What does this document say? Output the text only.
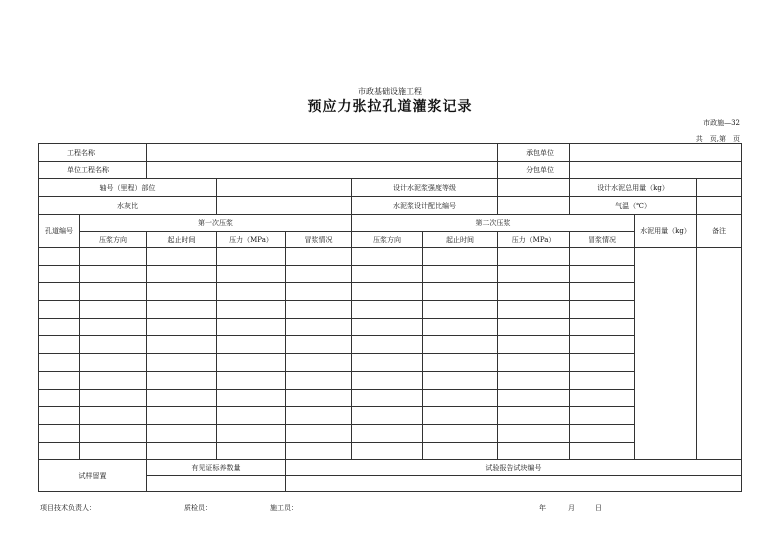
市政基础设施工程
预应力张拉孔道灌浆记录
市政施—32
共　页,第　页
工程名称							承包单位			
单位工程名称							分包单位			
轴号（里程）部位					设计水泥浆强度等级			设计水泥总用量（kg）		
水灰比					水泥浆设计配比编号			气温（℃）		
孔道编号	第一次压浆				第二次压浆				水泥用量（kg）	备注
	压浆方向	起止时间	压力（MPa）	冒浆情况	压浆方向	起止时间	压力（MPa）	冒浆情况		

试样留置		有见证标养数量		试验报告试块编号						

项目技术负责人：	质检员：	施工员：	年	月	日
